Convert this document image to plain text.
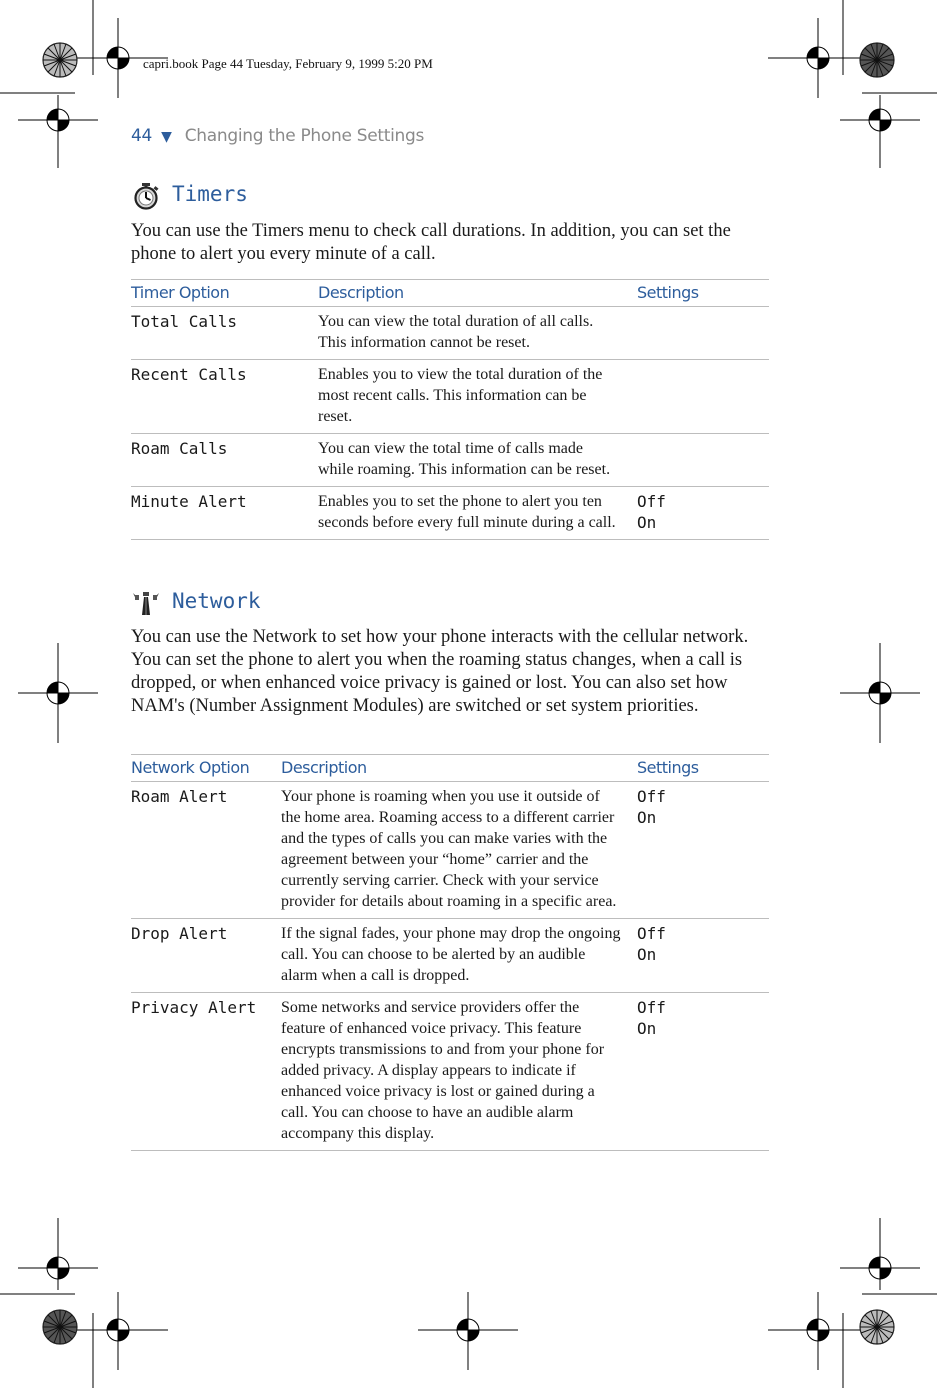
capri.book Page 44 Tuesday, February 9, 1999 5:20 PM
44 ▼ Changing the Phone Settings
Timers
You can use the Timers menu to check call durations. In addition, you can set the phone to alert you every minute of a call.
Timer Option	Description	Settings
Total Calls	You can view the total duration of all calls. This information cannot be reset.	
Recent Calls	Enables you to view the total duration of the most recent calls. This information can be reset.	
Roam Calls	You can view the total time of calls made while roaming. This information can be reset.	
Minute Alert	Enables you to set the phone to alert you ten seconds before every full minute during a call.	Off
On
Network
You can use the Network to set how your phone interacts with the cellular network. You can set the phone to alert you when the roaming status changes, when a call is dropped, or when enhanced voice privacy is gained or lost. You can also set how NAM's (Number Assignment Modules) are switched or set system priorities.
Network Option	Description	Settings
Roam Alert	Your phone is roaming when you use it outside of the home area. Roaming access to a different carrier and the types of calls you can make varies with the agreement between your “home” carrier and the currently serving carrier. Check with your service provider for details about roaming in a specific area.	Off
On

Drop Alert	If the signal fades, your phone may drop the ongoing call. You can choose to be alerted by an audible alarm when a call is dropped.	Off
On

Privacy Alert	Some networks and service providers offer the feature of enhanced voice privacy. This feature encrypts transmissions to and from your phone for added privacy. A display appears to indicate if enhanced voice privacy is lost or gained during a call. You can choose to have an audible alarm accompany this display.	Off
On
